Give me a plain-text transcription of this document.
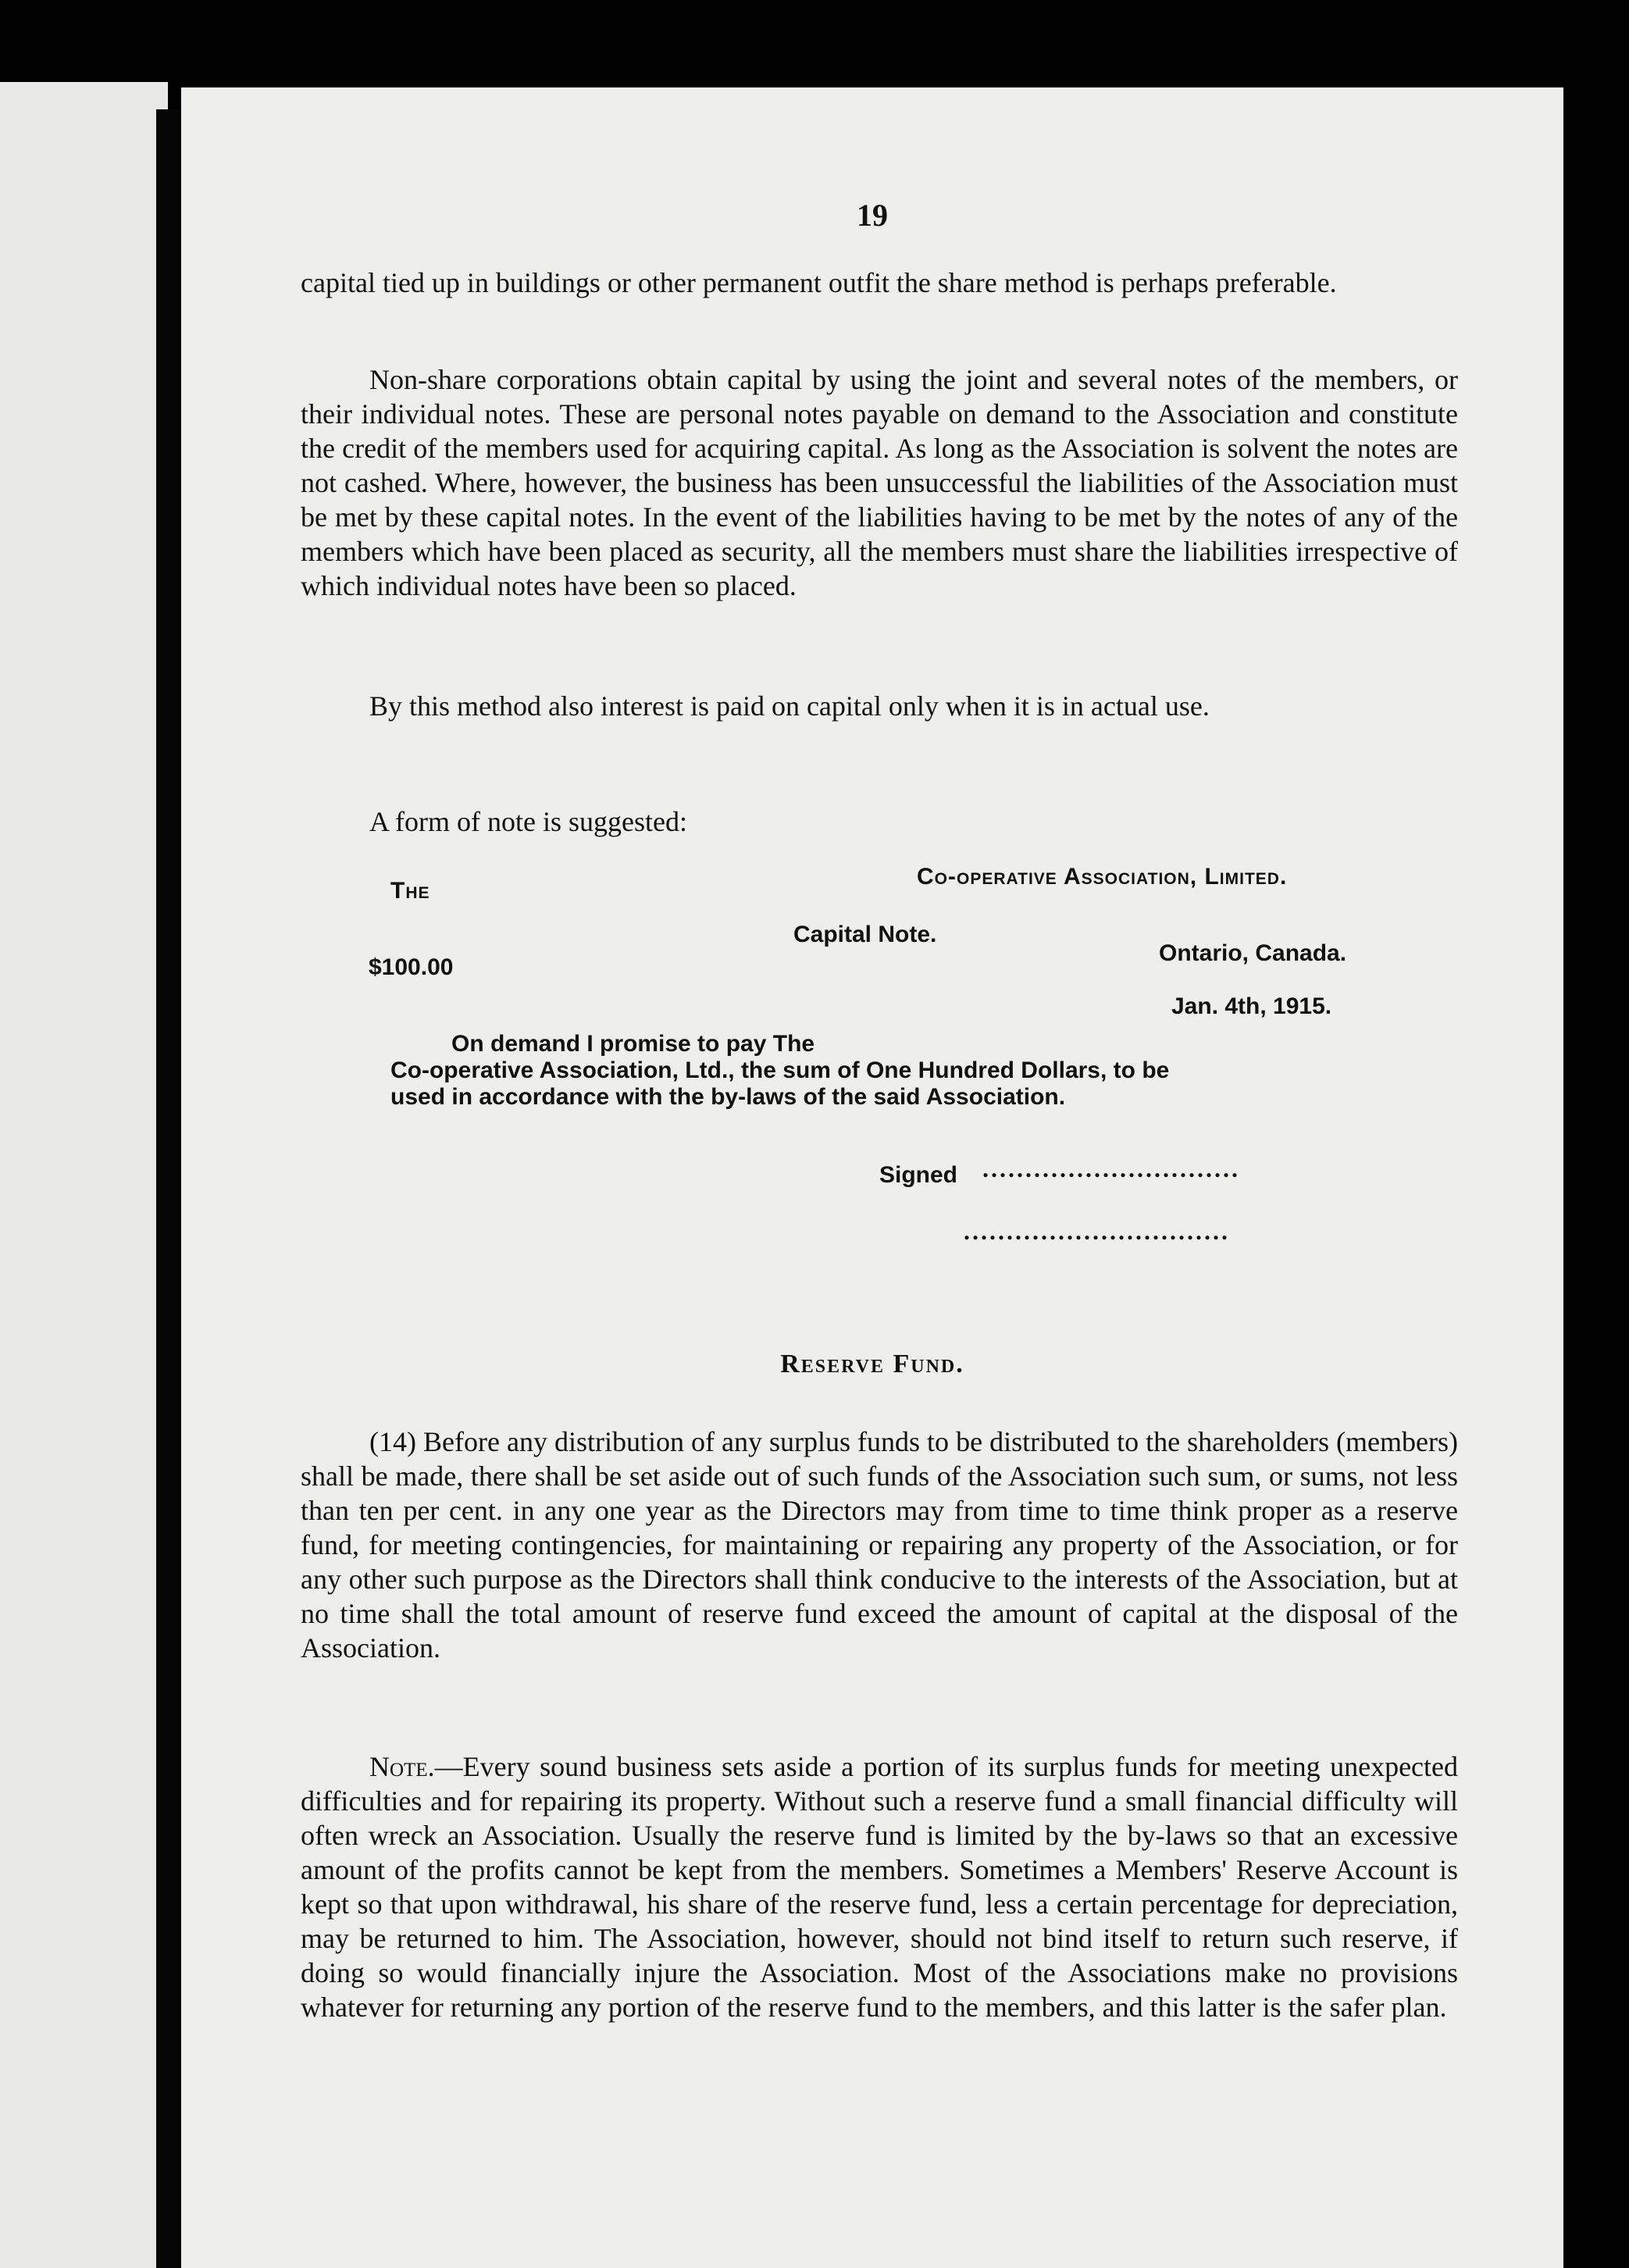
19

capital tied up in buildings or other permanent outfit the share method is perhaps preferable.

Non-share corporations obtain capital by using the joint and several notes of the members, or their individual notes. These are personal notes payable on demand to the Association and constitute the credit of the members used for acquiring capital. As long as the Association is solvent the notes are not cashed. Where, however, the business has been unsuccessful the liabilities of the Association must be met by these capital notes. In the event of the liabilities having to be met by the notes of any of the members which have been placed as security, all the members must share the liabilities irrespective of which individual notes have been so placed.

By this method also interest is paid on capital only when it is in actual use.

A form of note is suggested:

The
Co-operative Association, Limited.
Capital Note.
$100.00
Ontario, Canada.
Jan. 4th, 1915.
On demand I promise to pay The
Co-operative Association, Ltd., the sum of One Hundred Dollars, to be
used in accordance with the by-laws of the said Association.
Signed ..............................
...............................
Reserve Fund.

(14) Before any distribution of any surplus funds to be distributed to the shareholders (members) shall be made, there shall be set aside out of such funds of the Association such sum, or sums, not less than ten per cent. in any one year as the Directors may from time to time think proper as a reserve fund, for meeting contingencies, for maintaining or repairing any property of the Association, or for any other such purpose as the Directors shall think conducive to the interests of the Association, but at no time shall the total amount of reserve fund exceed the amount of capital at the disposal of the Association.

Note.—Every sound business sets aside a portion of its surplus funds for meeting unexpected difficulties and for repairing its property. Without such a reserve fund a small financial difficulty will often wreck an Association. Usually the reserve fund is limited by the by-laws so that an excessive amount of the profits cannot be kept from the members. Sometimes a Members' Reserve Account is kept so that upon withdrawal, his share of the reserve fund, less a certain percentage for depreciation, may be returned to him. The Association, however, should not bind itself to return such reserve, if doing so would financially injure the Association. Most of the Associations make no provisions whatever for returning any portion of the reserve fund to the members, and this latter is the safer plan.
